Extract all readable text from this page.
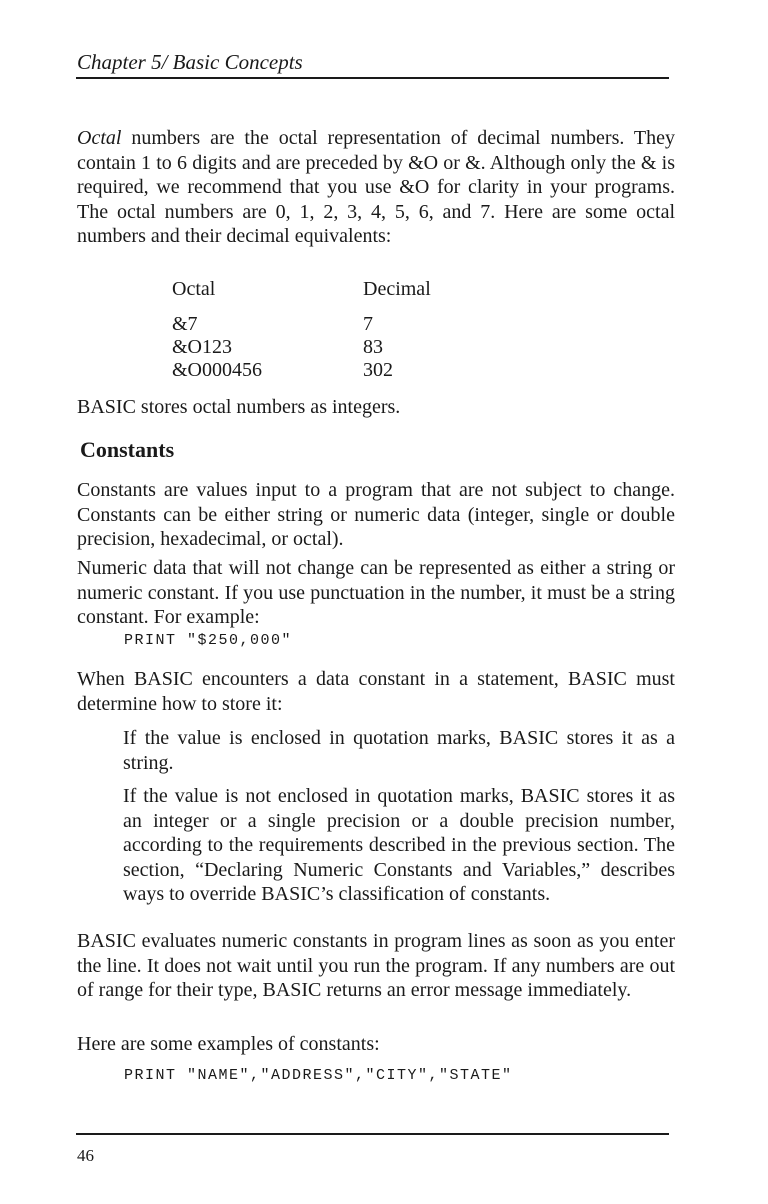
Chapter 5/ Basic Concepts

Octal numbers are the octal representation of decimal numbers. They contain 1 to 6 digits and are preceded by &O or &. Although only the & is required, we recommend that you use &O for clarity in your programs. The octal numbers are 0, 1, 2, 3, 4, 5, 6, and 7. Here are some octal numbers and their decimal equivalents:

Octal	Decimal
&7	7
&O123	83
&O000456	302

BASIC stores octal numbers as integers.

Constants

Constants are values input to a program that are not subject to change. Constants can be either string or numeric data (integer, single or double precision, hexadecimal, or octal).

Numeric data that will not change can be represented as either a string or numeric constant. If you use punctuation in the number, it must be a string constant. For example:

PRINT "$250,000"

When BASIC encounters a data constant in a statement, BASIC must determine how to store it:

If the value is enclosed in quotation marks, BASIC stores it as a string.

If the value is not enclosed in quotation marks, BASIC stores it as an integer or a single precision or a double precision number, according to the requirements described in the previous section. The section, “Declaring Numeric Constants and Variables,” describes ways to override BASIC’s classification of constants.

BASIC evaluates numeric constants in program lines as soon as you enter the line. It does not wait until you run the program. If any numbers are out of range for their type, BASIC returns an error message immediately.

Here are some examples of constants:

PRINT "NAME","ADDRESS","CITY","STATE"
46
